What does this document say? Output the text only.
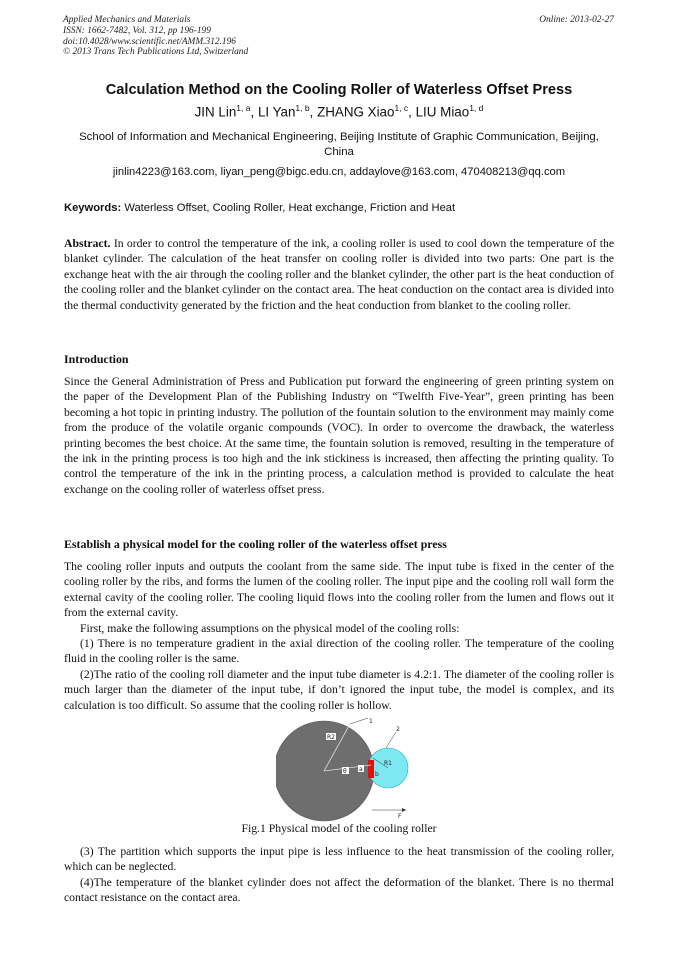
Applied Mechanics and Materials
ISSN: 1662-7482, Vol. 312, pp 196-199
doi:10.4028/www.scientific.net/AMM.312.196
© 2013 Trans Tech Publications Ltd, Switzerland
Online: 2013-02-27
Calculation Method on the Cooling Roller of Waterless Offset Press
JIN Lin$^{1, a}$, LI Yan$^{1, b}$, ZHANG Xiao$^{1, c}$, LIU Miao$^{1, d}$
School of Information and Mechanical Engineering, Beijing Institute of Graphic Communication, Beijing, China
jinlin4223@163.com, liyan_peng@bigc.edu.cn, addaylove@163.com, 470408213@qq.com
Keywords: Waterless Offset, Cooling Roller, Heat exchange, Friction and Heat

Abstract. In order to control the temperature of the ink, a cooling roller is used to cool down the temperature of the blanket cylinder. The calculation of the heat transfer on cooling roller is divided into two parts: One part is the exchange heat with the air through the cooling roller and the blanket cylinder, the other part is the heat conduction of the cooling roller and the blanket cylinder on the contact area. The heat conduction on the contact area is divided into the thermal conductivity generated by the friction and the heat conduction from blanket to the cooling roller.

Introduction

Since the General Administration of Press and Publication put forward the engineering of green printing system on the paper of the Development Plan of the Publishing Industry on “Twelfth Five-Year”, green printing has been becoming a hot topic in printing industry. The pollution of the fountain solution to the environment may mainly come from the produce of the volatile organic compounds (VOC). In order to overcome the drawback, the waterless printing becomes the best choice. At the same time, the fountain solution is removed, resulting in the temperature of the ink in the printing process is too high and the ink stickiness is increased, then affecting the printing quality. To control the temperature of the ink in the printing process, a calculation method is provided to calculate the heat exchange on the cooling roller of waterless offset press.

Establish a physical model for the cooling roller of the waterless offset press

The cooling roller inputs and outputs the coolant from the same side. The input tube is fixed in the center of the cooling roller by the ribs, and forms the lumen of the cooling roller. The input pipe and the cooling roll wall form the external cavity of the cooling roller. The cooling liquid flows into the cooling roller from the lumen and flows out it from the external cavity.

First, make the following assumptions on the physical model of the cooling rolls:

(1) There is no temperature gradient in the axial direction of the cooling roller. The temperature of the cooling fluid in the cooling roller is the same.

(2)The ratio of the cooling roll diameter and the input tube diameter is 4.2:1. The diameter of the cooling roller is much larger than the diameter of the input tube, if don’t ignored the input tube, the model is complex, and its calculation is too difficult. So assume that the cooling roller is hollow.

R2
θ a
b
R1
1
2
F
Fig.1 Physical model of the cooling roller

(3) The partition which supports the input pipe is less influence to the heat transmission of the cooling roller, which can be neglected.

(4)The temperature of the blanket cylinder does not affect the deformation of the blanket. There is no thermal contact resistance on the contact area.
